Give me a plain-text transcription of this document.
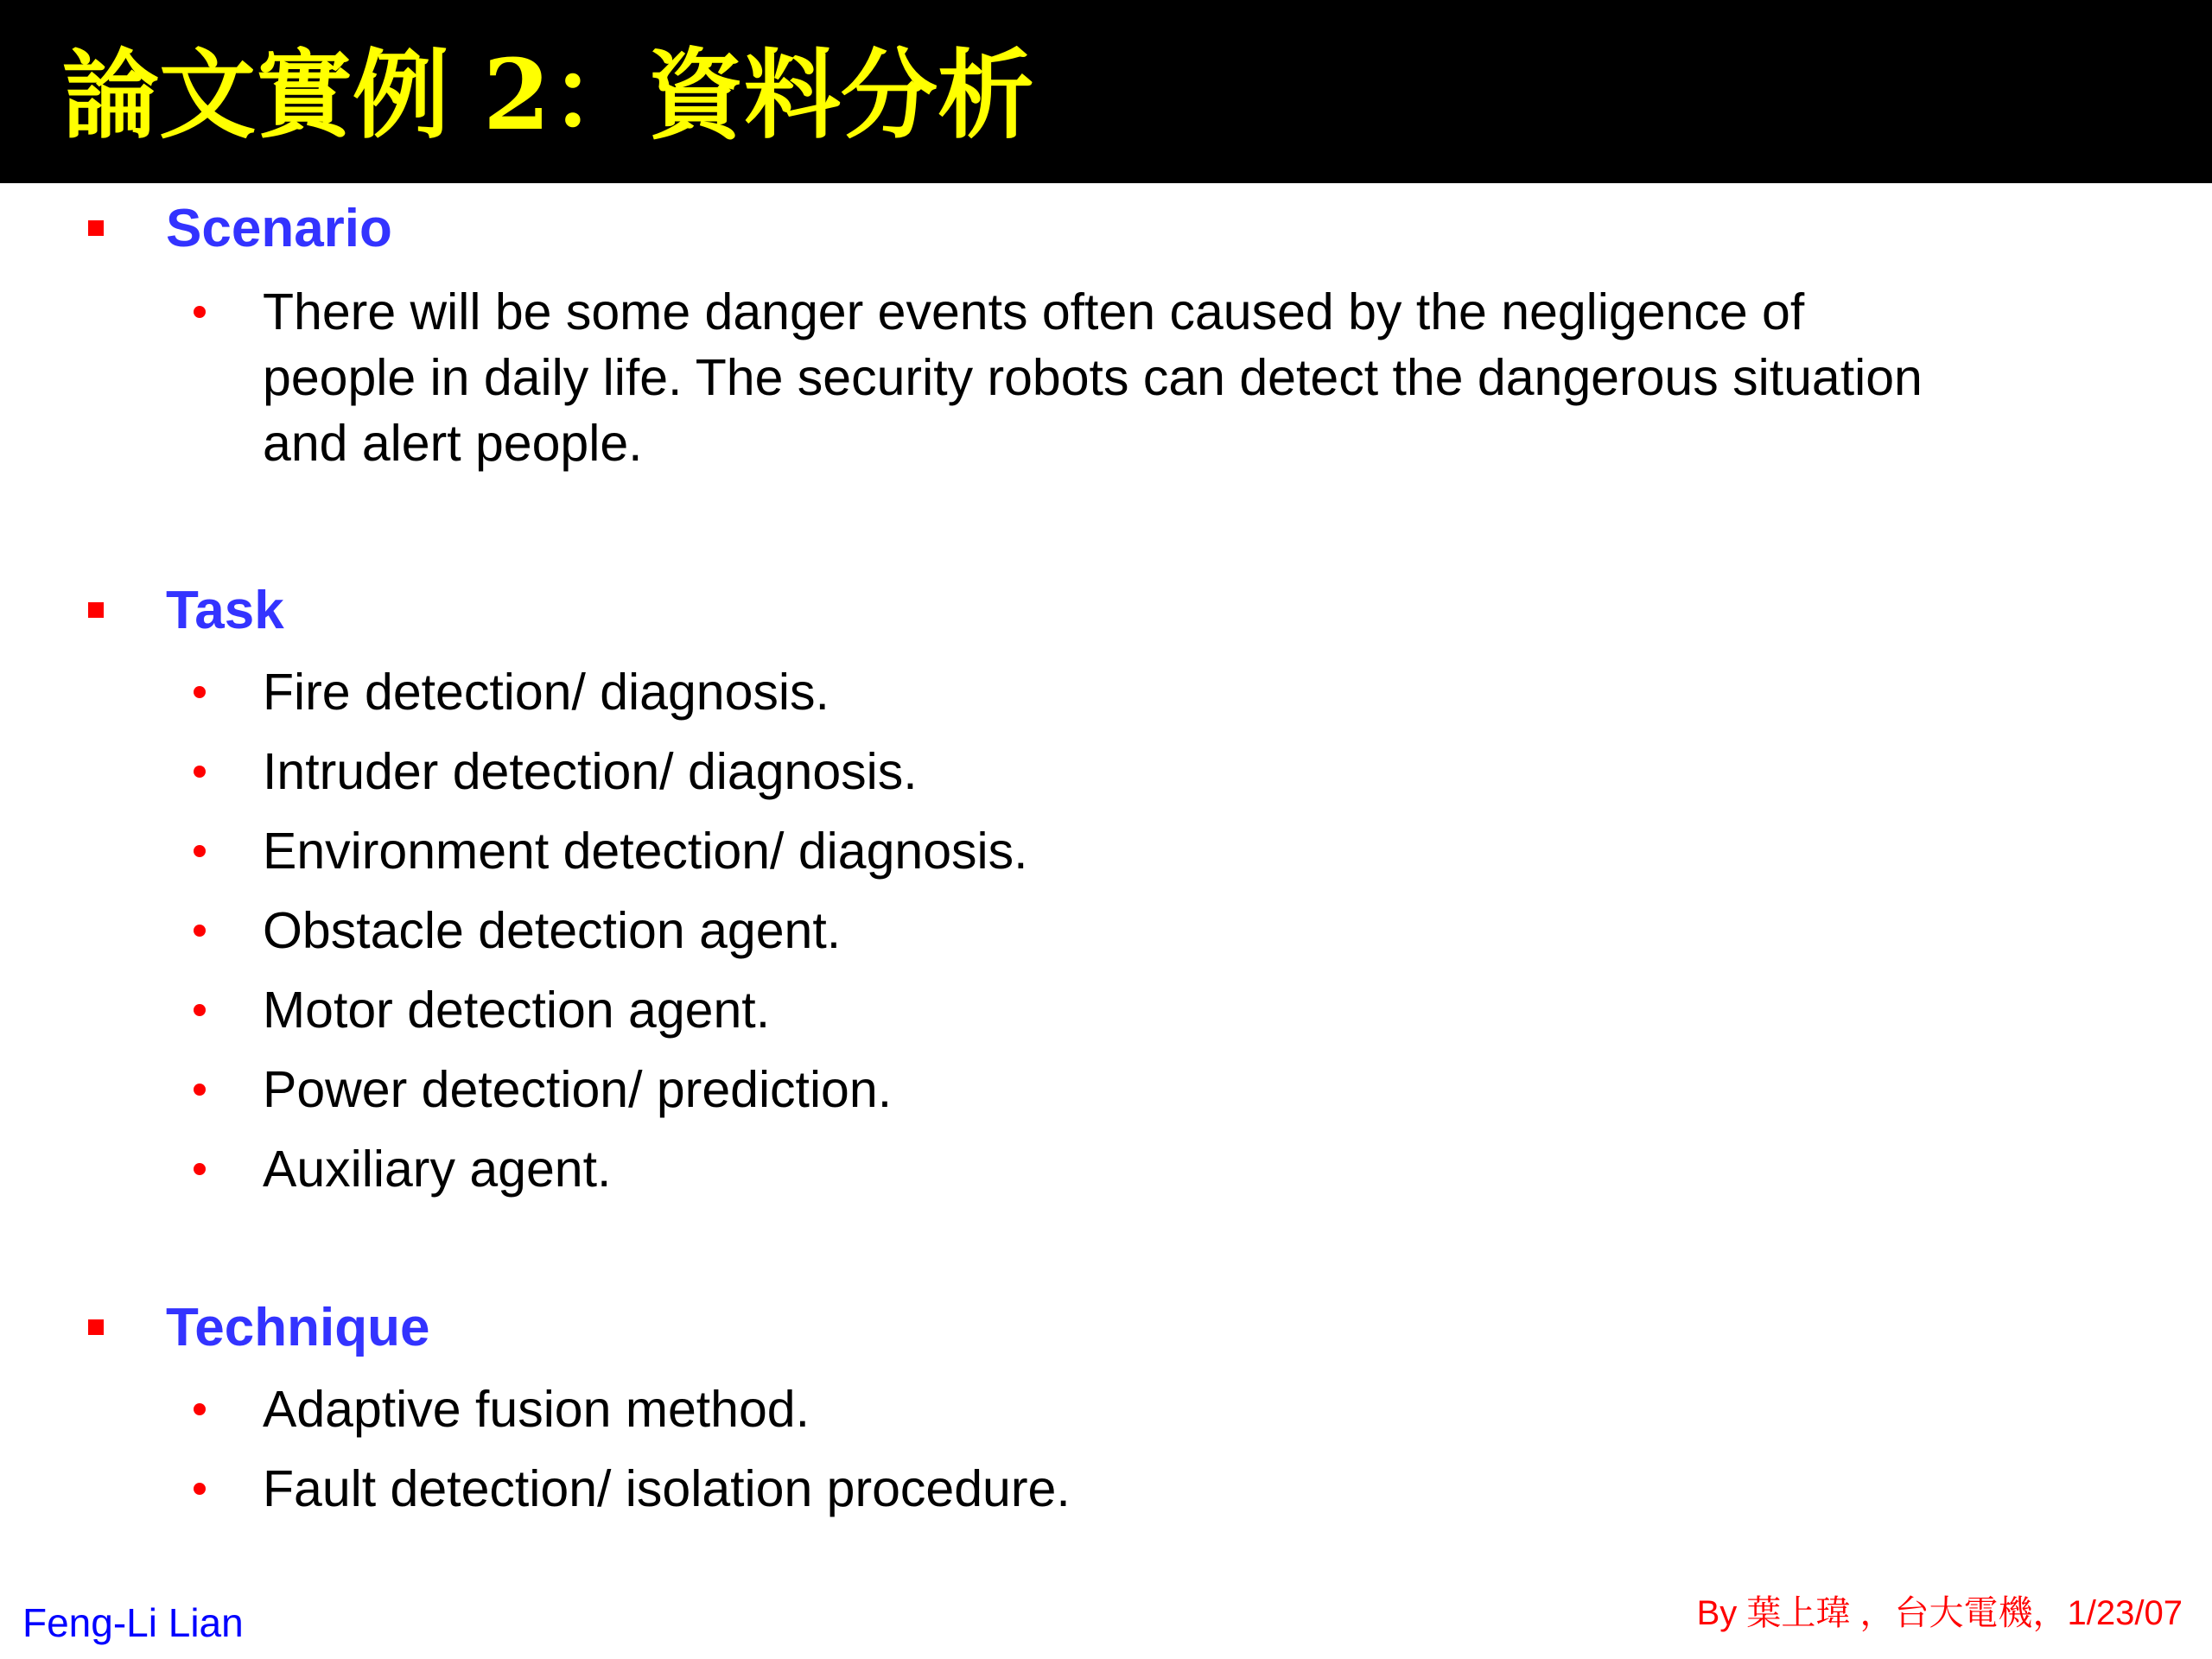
論文實例 2：資料分析
Scenario
There will be some danger events often caused by the negligence of people in daily life. The security robots can detect the dangerous situation and alert people.
Task
Fire detection/ diagnosis.
Intruder detection/ diagnosis.
Environment detection/ diagnosis.
Obstacle detection agent.
Motor detection agent.
Power detection/ prediction.
Auxiliary agent.
Technique
Adaptive fusion method.
Fault detection/ isolation procedure.
Feng-Li Lian	By 葉上瑋 ，台大電機，1/23/07
